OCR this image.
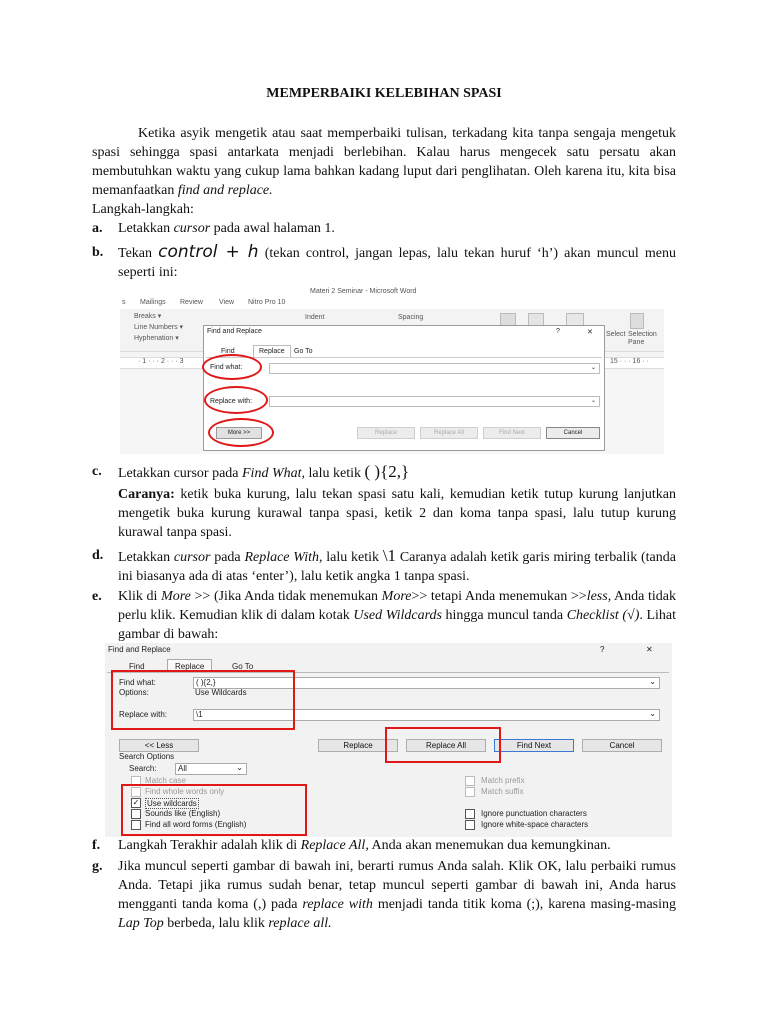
MEMPERBAIKI KELEBIHAN SPASI
Ketika asyik mengetik atau saat memperbaiki tulisan, terkadang kita tanpa sengaja mengetuk spasi sehingga spasi antarkata menjadi berlebihan. Kalau harus mengecek satu persatu akan membutuhkan waktu yang cukup lama bahkan kadang luput dari penglihatan. Oleh karena itu, kita bisa memanfaatkan find and replace.
Langkah-langkah:
a. Letakkan cursor pada awal halaman 1.
b. Tekan control + h (tekan control, jangan lepas, lalu tekan huruf ‘h’) akan muncul menu seperti ini:
Materi 2 Seminar - Microsoft Word
s Mailings Review View Nitro Pro 10
Breaks ▾
Line Numbers ▾
Hyphenation ▾
Indent	Spacing
Select Selection Pane
· 1 · · · 2 · · · 3	15 · · · 16 · ·
Find and Replace	?	✕
Find	Replace	Go To
Find what:	⌄
Replace with:	⌄
More >>	Replace	Replace All	Find Next	Cancel
c. Letakkan cursor pada Find What, lalu ketik ( ){2,}
Caranya: ketik buka kurung, lalu tekan spasi satu kali, kemudian ketik tutup kurung lanjutkan mengetik buka kurung kurawal tanpa spasi, ketik 2 dan koma tanpa spasi, lalu tutup kurung kurawal tanpa spasi.
d. Letakkan cursor pada Replace With, lalu ketik \1 Caranya adalah ketik garis miring terbalik (tanda ini biasanya ada di atas ‘enter’), lalu ketik angka 1 tanpa spasi.
e. Klik di More >> (Jika Anda tidak menemukan More>> tetapi Anda menemukan >>less, Anda tidak perlu klik. Kemudian klik di dalam kotak Used Wildcards hingga muncul tanda Checklist (√). Lihat gambar di bawah:
Find and Replace	?	✕
Find	Replace	Go To
Find what:	( ){2,}	⌄
Options:	Use Wildcards
Replace with:	\1	⌄
<< Less	Replace	Replace All	Find Next	Cancel
Search Options
Search:	All	⌄
Match case
Find whole words only
✓ Use wildcards
Sounds like (English)
Find all word forms (English)
Match prefix
Match suffix
Ignore punctuation characters
Ignore white-space characters
f. Langkah Terakhir adalah klik di Replace All, Anda akan menemukan dua kemungkinan.
g. Jika muncul seperti gambar di bawah ini, berarti rumus Anda salah. Klik OK, lalu perbaiki rumus Anda. Tetapi jika rumus sudah benar, tetap muncul seperti gambar di bawah ini, Anda harus mengganti tanda koma (,) pada replace with menjadi tanda titik koma (;), karena masing-masing Lap Top berbeda, lalu klik replace all.
